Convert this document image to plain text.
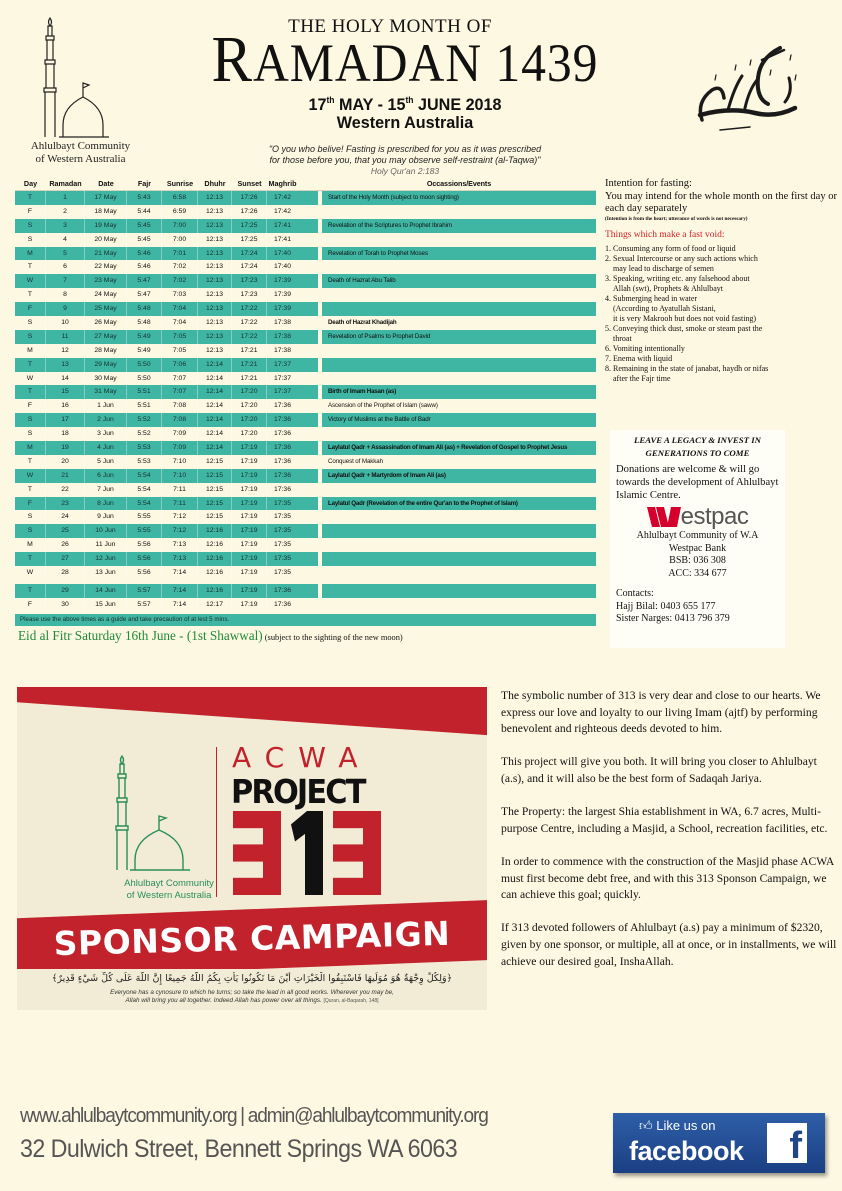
Ahlulbayt Community
of Western Australia
THE HOLY MONTH OF
RAMADAN 1439
17th MAY - 15th JUNE 2018
Western Australia
"O you who belive! Fasting is prescribed for you as it was prescribed
for those before you, that you may observe self-restraint (al-Taqwa)"
Holy Qur'an 2:183
Day	Ramadan	Date	Fajr	Sunrise	Dhuhr	Sunset Maghrib	Occassions/Events
T	1	17 May	5:43	6:58	12:13	17:26	17:42	Start of the Holy Month (subject to moon sighting)
F	2	18 May	5:44	6:59	12:13	17:26	17:42
S	3	19 May	5:45	7:00	12:13	17:25	17:41	Revelation of the Scriptures to Prophet Ibrahim
S	4	20 May	5:45	7:00	12:13	17:25	17:41
M	5	21 May	5:46	7:01	12:13	17:24	17:40	Revelation of Torah to Prophet Moses
T	6	22 May	5:46	7:02	12:13	17:24	17:40
W	7	23 May	5:47	7:02	12:13	17:23	17:39	Death of Hazrat Abu Talib
T	8	24 May	5:47	7:03	12:13	17:23	17:39
F	9	25 May	5:48	7:04	12:13	17:22	17:39
S	10	26 May	5:48	7:04	12:13	17:22	17:38	Death of Hazrat Khadijah
S	11	27 May	5:49	7:05	12:13	17:22	17:38	Revelation of Psalms to Prophet David
M	12	28 May	5:49	7:05	12:13	17:21	17:38
T	13	29 May	5:50	7:06	12:14	17:21	17:37
W	14	30 May	5:50	7:07	12:14	17:21	17:37
T	15	31 May	5:51	7:07	12:14	17:20	17:37	Birth of Imam Hasan (as)
F	16	1 Jun	5:51	7:08	12:14	17:20	17:36	Ascension of the Prophet of Islam (saww)
S	17	2 Jun	5:52	7:08	12:14	17:20	17:36	Victory of Muslims at the Battle of Badr
S	18	3 Jun	5:52	7:09	12:14	17:20	17:36
M	19	4 Jun	5:53	7:09	12:14	17:19	17:36	Laylatul Qadr + Assassination of Imam Ali (as) + Revelation of Gospel to Prophet Jesus
T	20	5 Jun	5:53	7:10	12:15	17:19	17:36	Conquest of Makkah
W	21	6 Jun	5:54	7:10	12:15	17:19	17:36	Laylatul Qadr + Martyrdom of Imam Ali (as)
T	22	7 Jun	5:54	7:11	12:15	17:19	17:36
F	23	8 Jun	5:54	7:11	12:15	17:19	17:35	Laylatul Qadr (Revelation of the entire Qur'an to the Prophet of Islam)
S	24	9 Jun	5:55	7:12	12:15	17:19	17:35
S	25	10 Jun	5:55	7:12	12:16	17:19	17:35
M	26	11 Jun	5:56	7:13	12:16	17:19	17:35
T	27	12 Jun	5:56	7:13	12:16	17:19	17:35
W	28	13 Jun	5:56	7:14	12:16	17:19	17:35
T	29	14 Jun	5:57	7:14	12:16	17:19	17:36
F	30	15 Jun	5:57	7:14	12:17	17:19	17:36
Please use the above times as a guide and take precaution of at lest 5 mins.
Intention for fasting:
You may intend for the whole month on the first day or each day separately
(Intention is from the heart; utterance of words is not necessary)
Things which make a fast void:
1. Consuming any form of food or liquid
2. Sexual Intercourse or any such actions which
may lead to discharge of semen
3. Speaking, writing etc. any falsehood about
Allah (swt), Prophets & Ahlulbayt
4. Submerging head in water
(According to Ayatullah Sistani,
it is very Makrooh but does not void fasting)
5. Conveying thick dust, smoke or steam past the
throat
6. Vomiting intentionally
7. Enema with liquid
8. Remaining in the state of janabat, haydh or nifas
after the Fajr time
LEAVE A LEGACY & INVEST IN
GENERATIONS TO COME
Donations are welcome & will go towards the development of Ahlulbayt Islamic Centre.
estpac
Ahlulbayt Community of W.A
Westpac Bank
BSB: 036 308
ACC: 334 677
Contacts:
Hajj Bilal: 0403 655 177
Sister Narges: 0413 796 379
Eid al Fitr Saturday 16th June - (1st Shawwal) (subject to the sighting of the new moon)
SPONSOR CAMPAIGN
Ahlulbayt Community
of Western Australia
ACWA
PROJECT
﴿وَلِكُلٍّ وِجْهَةٌ هُوَ مُوَلِّيهَا فَاسْتَبِقُوا الْخَيْرَاتِ أَيْنَ مَا تَكُونُوا يَأْتِ بِكُمُ اللَّهُ جَمِيعًا إِنَّ اللَّهَ عَلَى كُلِّ شَيْءٍ قَدِيرٌ﴾
Everyone has a cynosure to which he turns; so take the lead in all good works. Wherever you may be,
Allah will bring you all together. Indeed Allah has power over all things. [Quran, al-Baqarah, 148]

The symbolic number of 313 is very dear and close to our hearts. We express our love and loyalty to our living Imam (ajtf) by performing benevolent and righteous deeds devoted to him.

This project will give you both. It will bring you closer to Ahlulbayt (a.s), and it will also be the best form of Sadaqah Jariya.

The Property: the largest Shia establishment in WA, 6.7 acres, Multi-purpose Centre, including a Masjid, a School, recreation facilities, etc.

In order to commence with the construction of the Masjid phase ACWA must first become debt free, and with this 313 Sponson Campaign, we can achieve this goal; quickly.

If 313 devoted followers of Ahlulbayt (a.s) pay a minimum of $2320, given by one sponsor, or multiple, all at once, or in installments, we will achieve our desired goal, InshaAllah.

www.ahlulbaytcommunity.org | admin@ahlulbaytcommunity.org
32 Dulwich Street, Bennett Springs WA 6063
👍︎ Like us on
facebook	f
